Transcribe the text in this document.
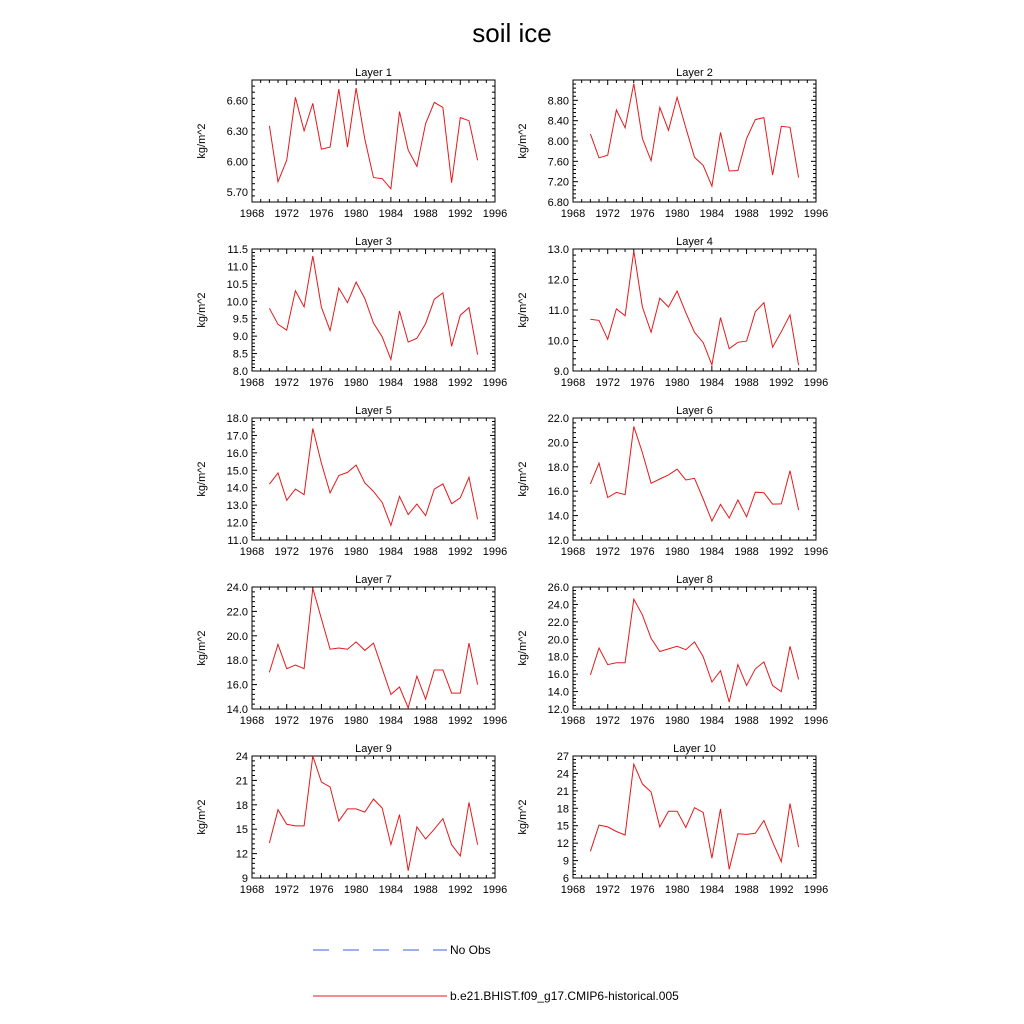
soil ice
Layer 1
1968 1972 1976 1980 1984 1988 1992 1996
5.70
6.00
6.30
6.60
kg/m^2
Layer 2
1968 1972 1976 1980 1984 1988 1992 1996
6.80
7.20
7.60
8.00
8.40
8.80
kg/m^2
Layer 3
1968 1972 1976 1980 1984 1988 1992 1996
8.0
8.5
9.0
9.5
10.0
10.5
11.0
11.5
kg/m^2
Layer 4
1968 1972 1976 1980 1984 1988 1992 1996
9.0
10.0
11.0
12.0
13.0
kg/m^2
Layer 5
1968 1972 1976 1980 1984 1988 1992 1996
11.0
12.0
13.0
14.0
15.0
16.0
17.0
18.0
kg/m^2
Layer 6
1968 1972 1976 1980 1984 1988 1992 1996
12.0
14.0
16.0
18.0
20.0
22.0
kg/m^2
Layer 7
1968 1972 1976 1980 1984 1988 1992 1996
14.0
16.0
18.0
20.0
22.0
24.0
kg/m^2
Layer 8
1968 1972 1976 1980 1984 1988 1992 1996
12.0
14.0
16.0
18.0
20.0
22.0
24.0
26.0
kg/m^2
Layer 9
1968 1972 1976 1980 1984 1988 1992 1996
9
12
15
18
21
24
kg/m^2
Layer 10
1968 1972 1976 1980 1984 1988 1992 1996
6
9
12
15
18
21
24
27
kg/m^2
No Obs
b.e21.BHIST.f09_g17.CMIP6-historical.005
